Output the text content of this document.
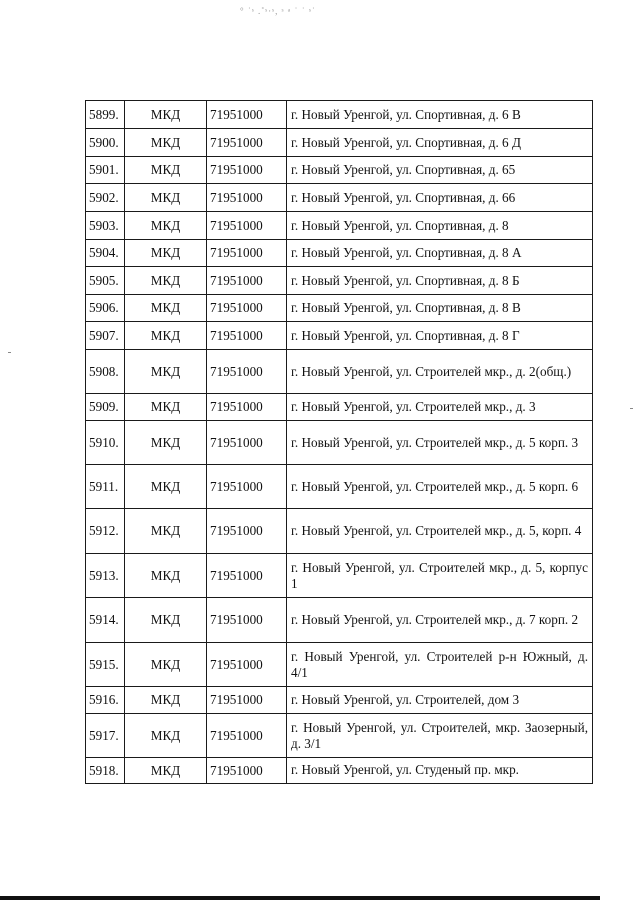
° ˙ˢ .˚ˢ·ˢ, ˢ ᵃ ˙ ˙ ˢ˙
5899.	МКД	71951000	г. Новый Уренгой, ул. Спортивная, д. 6 В
5900.	МКД	71951000	г. Новый Уренгой, ул. Спортивная, д. 6 Д
5901.	МКД	71951000	г. Новый Уренгой, ул. Спортивная, д. 65
5902.	МКД	71951000	г. Новый Уренгой, ул. Спортивная, д. 66
5903.	МКД	71951000	г. Новый Уренгой, ул. Спортивная, д. 8
5904.	МКД	71951000	г. Новый Уренгой, ул. Спортивная, д. 8 А
5905.	МКД	71951000	г. Новый Уренгой, ул. Спортивная, д. 8 Б
5906.	МКД	71951000	г. Новый Уренгой, ул. Спортивная, д. 8 В
5907.	МКД	71951000	г. Новый Уренгой, ул. Спортивная, д. 8 Г
5908.	МКД	71951000	г. Новый Уренгой, ул. Строителей мкр., д. 2(общ.)
5909.	МКД	71951000	г. Новый Уренгой, ул. Строителей мкр., д. 3
5910.	МКД	71951000	г. Новый Уренгой, ул. Строителей мкр., д. 5 корп. 3
5911.	МКД	71951000	г. Новый Уренгой, ул. Строителей мкр., д. 5 корп. 6
5912.	МКД	71951000	г. Новый Уренгой, ул. Строителей мкр., д. 5, корп. 4
5913.	МКД	71951000	г. Новый Уренгой, ул. Строителей мкр., д. 5, корпус 1
5914.	МКД	71951000	г. Новый Уренгой, ул. Строителей мкр., д. 7 корп. 2
5915.	МКД	71951000	г. Новый Уренгой, ул. Строителей р-н Южный, д. 4/1
5916.	МКД	71951000	г. Новый Уренгой, ул. Строителей, дом 3
5917.	МКД	71951000	г. Новый Уренгой, ул. Строителей, мкр. Заозерный, д. 3/1
5918.	МКД	71951000	г. Новый Уренгой, ул. Студеный пр. мкр.
